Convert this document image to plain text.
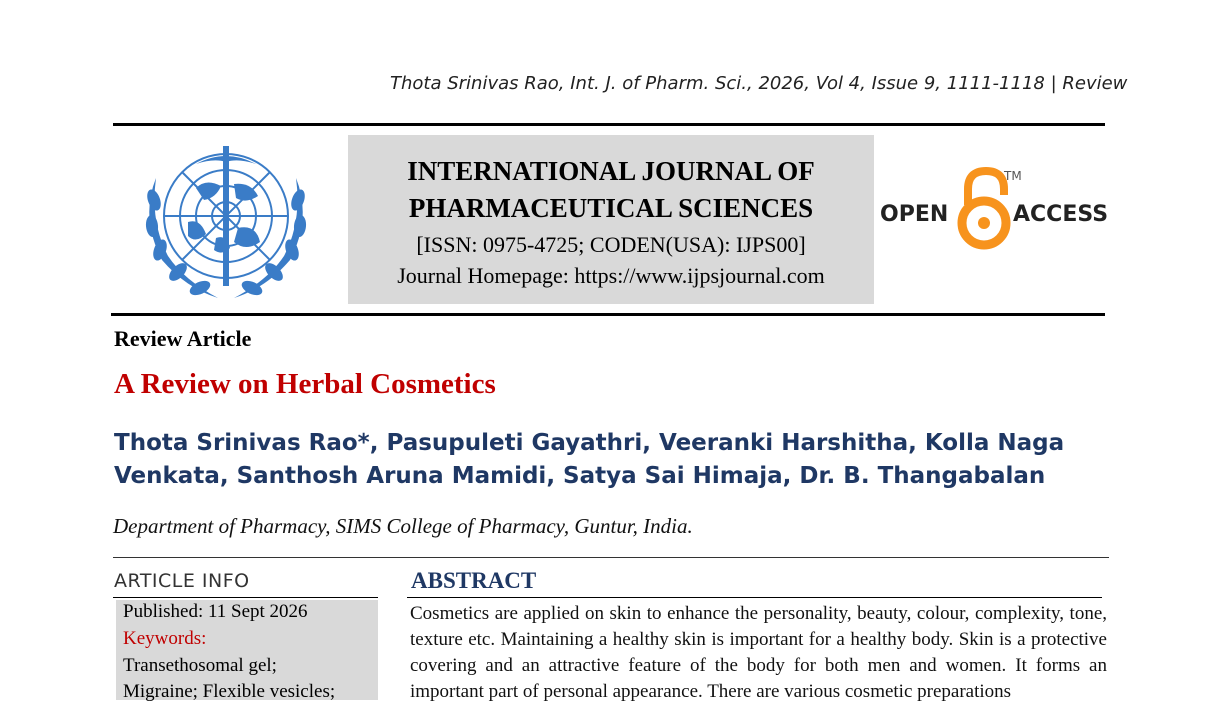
Thota Srinivas Rao, Int. J. of Pharm. Sci., 2026, Vol 4, Issue 9, 1111-1118 | Review
INTERNATIONAL JOURNAL OF
PHARMACEUTICAL SCIENCES
[ISSN: 0975-4725; CODEN(USA): IJPS00]
Journal Homepage: https://www.ijpsjournal.com
OPEN
TM
ACCESS
Review Article
A Review on Herbal Cosmetics
Thota Srinivas Rao*, Pasupuleti Gayathri, Veeranki Harshitha, Kolla Naga
Venkata, Santhosh Aruna Mamidi, Satya Sai Himaja, Dr. B. Thangabalan
Department of Pharmacy, SIMS College of Pharmacy, Guntur, India.
ARTICLE INFO
Published: 11 Sept 2026
Keywords:
Transethosomal gel;
Migraine; Flexible vesicles;
ABSTRACT
Cosmetics are applied on skin to enhance the personality, beauty, colour, complexity, tone, texture etc. Maintaining a healthy skin is important for a healthy body. Skin is a protective covering and an attractive feature of the body for both men and women. It forms an important part of personal appearance. There are various cosmetic preparations
